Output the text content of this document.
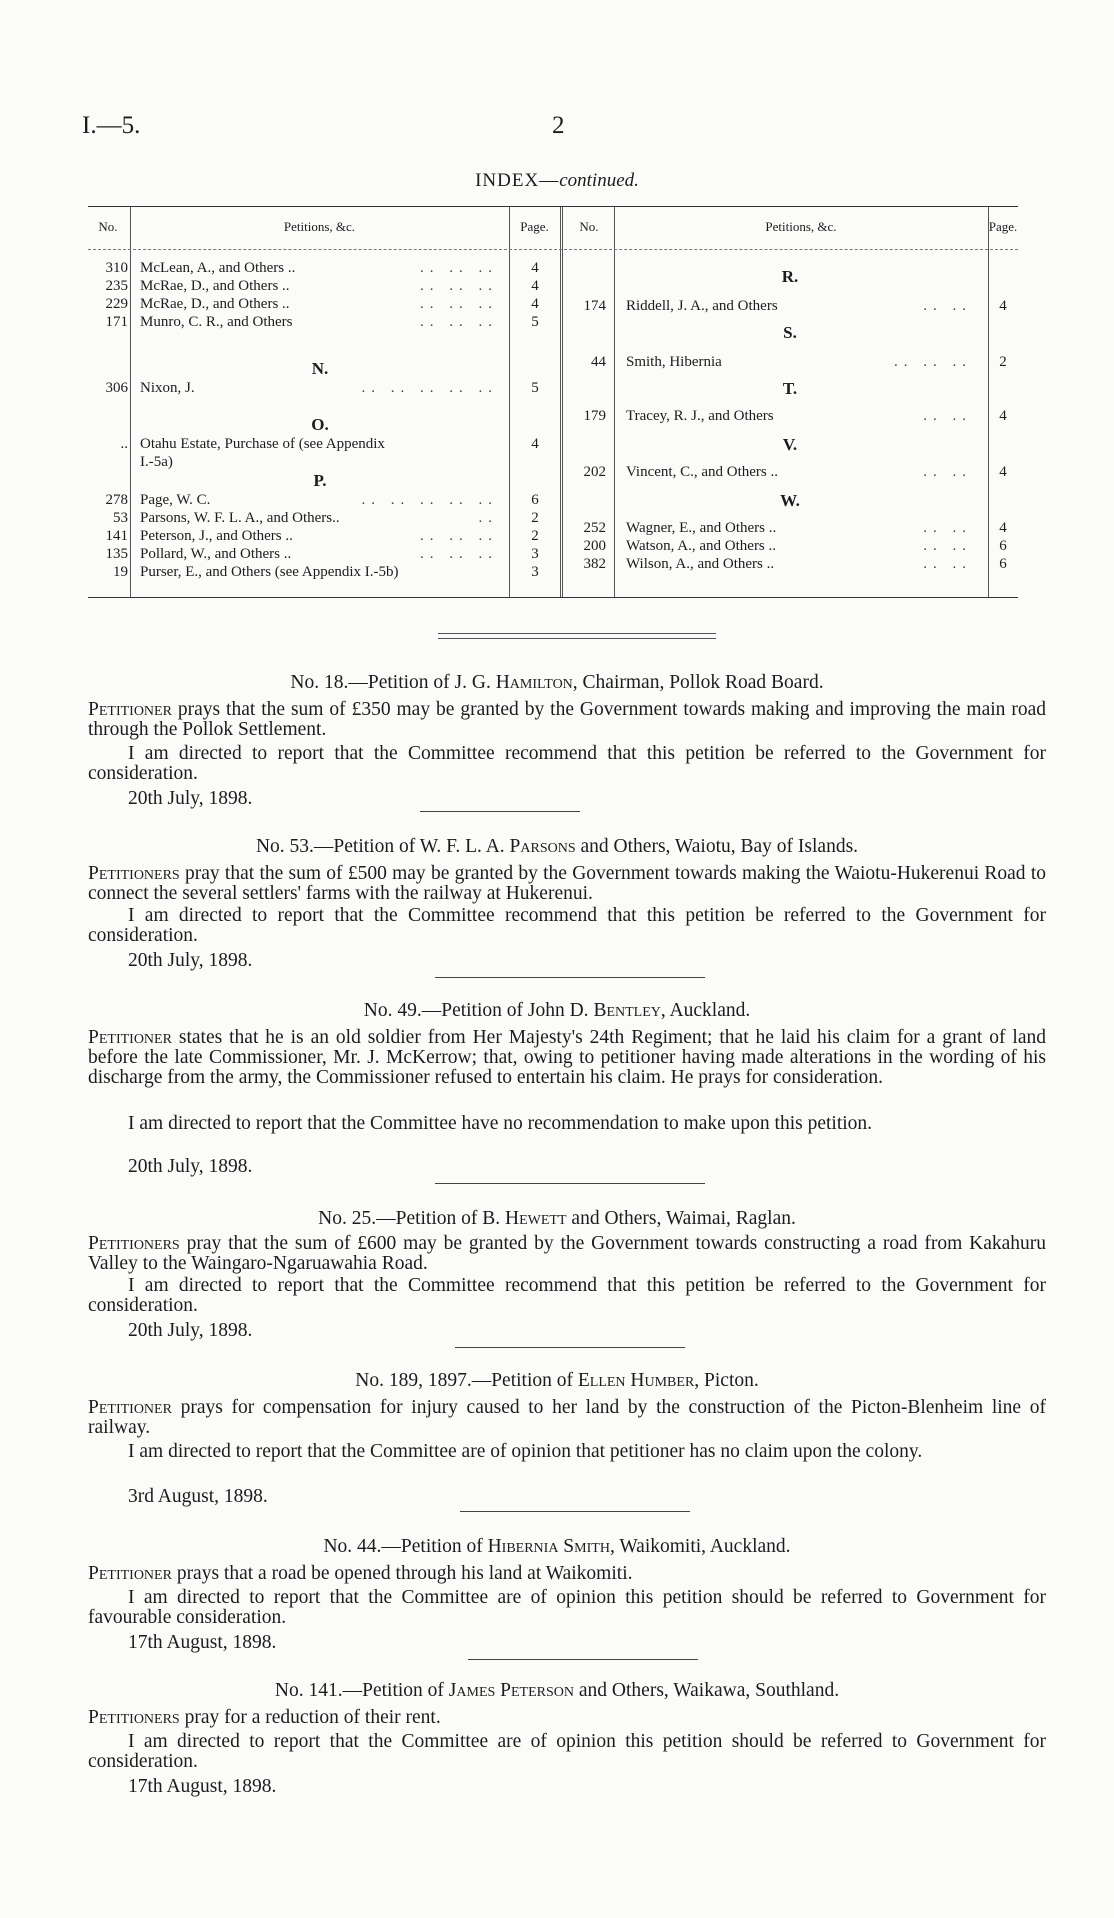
I.—5.	2
INDEX—continued.
No.	Petitions, &c.	Page.	No.	Petitions, &c.	Page.
310 McLean, A., and Others ..	.. .. ..	4
235 McRae, D., and Others ..	.. .. ..	4
229 McRae, D., and Others ..	.. .. ..	4
171 Munro, C. R., and Others	.. .. ..	5
306 Nixon, J.	.. .. .. .. ..	5
.. Otahu Estate, Purchase of (see Appendix	4
I.-5a)
278 Page, W. C.	.. .. .. .. ..	6
53 Parsons, W. F. L. A., and Others..	..	2
141 Peterson, J., and Others ..	.. .. ..	2
135 Pollard, W., and Others ..	.. .. ..	3
19 Purser, E., and Others (see Appendix I.-5b)	3
N.
O.
P.
174 Riddell, J. A., and Others	.. ..	4
44 Smith, Hibernia	.. .. ..	2
179 Tracey, R. J., and Others	.. ..	4
202 Vincent, C., and Others ..	.. ..	4
252 Wagner, E., and Others ..	.. ..	4
200 Watson, A., and Others ..	.. ..	6
382 Wilson, A., and Others ..	.. ..	6
R.
S.
T.
V.
W.
No. 18.—Petition of J. G. Hamilton, Chairman, Pollok Road Board.
Petitioner prays that the sum of £350 may be granted by the Government towards making and improving the main road through the Pollok Settlement.
I am directed to report that the Committee recommend that this petition be referred to the Government for consideration.
20th July, 1898.
No. 53.—Petition of W. F. L. A. Parsons and Others, Waiotu, Bay of Islands.
Petitioners pray that the sum of £500 may be granted by the Government towards making the Waiotu-Hukerenui Road to connect the several settlers' farms with the railway at Hukerenui.
I am directed to report that the Committee recommend that this petition be referred to the Government for consideration.
20th July, 1898.
No. 49.—Petition of John D. Bentley, Auckland.
Petitioner states that he is an old soldier from Her Majesty's 24th Regiment; that he laid his claim for a grant of land before the late Commissioner, Mr. J. McKerrow; that, owing to petitioner having made alterations in the wording of his discharge from the army, the Commissioner refused to entertain his claim. He prays for consideration.
I am directed to report that the Committee have no recommendation to make upon this petition.
20th July, 1898.
No. 25.—Petition of B. Hewett and Others, Waimai, Raglan.
Petitioners pray that the sum of £600 may be granted by the Government towards constructing a road from Kakahuru Valley to the Waingaro-Ngaruawahia Road.
I am directed to report that the Committee recommend that this petition be referred to the Government for consideration.
20th July, 1898.
No. 189, 1897.—Petition of Ellen Humber, Picton.
Petitioner prays for compensation for injury caused to her land by the construction of the Picton-Blenheim line of railway.
I am directed to report that the Committee are of opinion that petitioner has no claim upon the colony.
3rd August, 1898.
No. 44.—Petition of Hibernia Smith, Waikomiti, Auckland.
Petitioner prays that a road be opened through his land at Waikomiti.
I am directed to report that the Committee are of opinion this petition should be referred to Government for favourable consideration.
17th August, 1898.
No. 141.—Petition of James Peterson and Others, Waikawa, Southland.
Petitioners pray for a reduction of their rent.
I am directed to report that the Committee are of opinion this petition should be referred to Government for consideration.
17th August, 1898.
